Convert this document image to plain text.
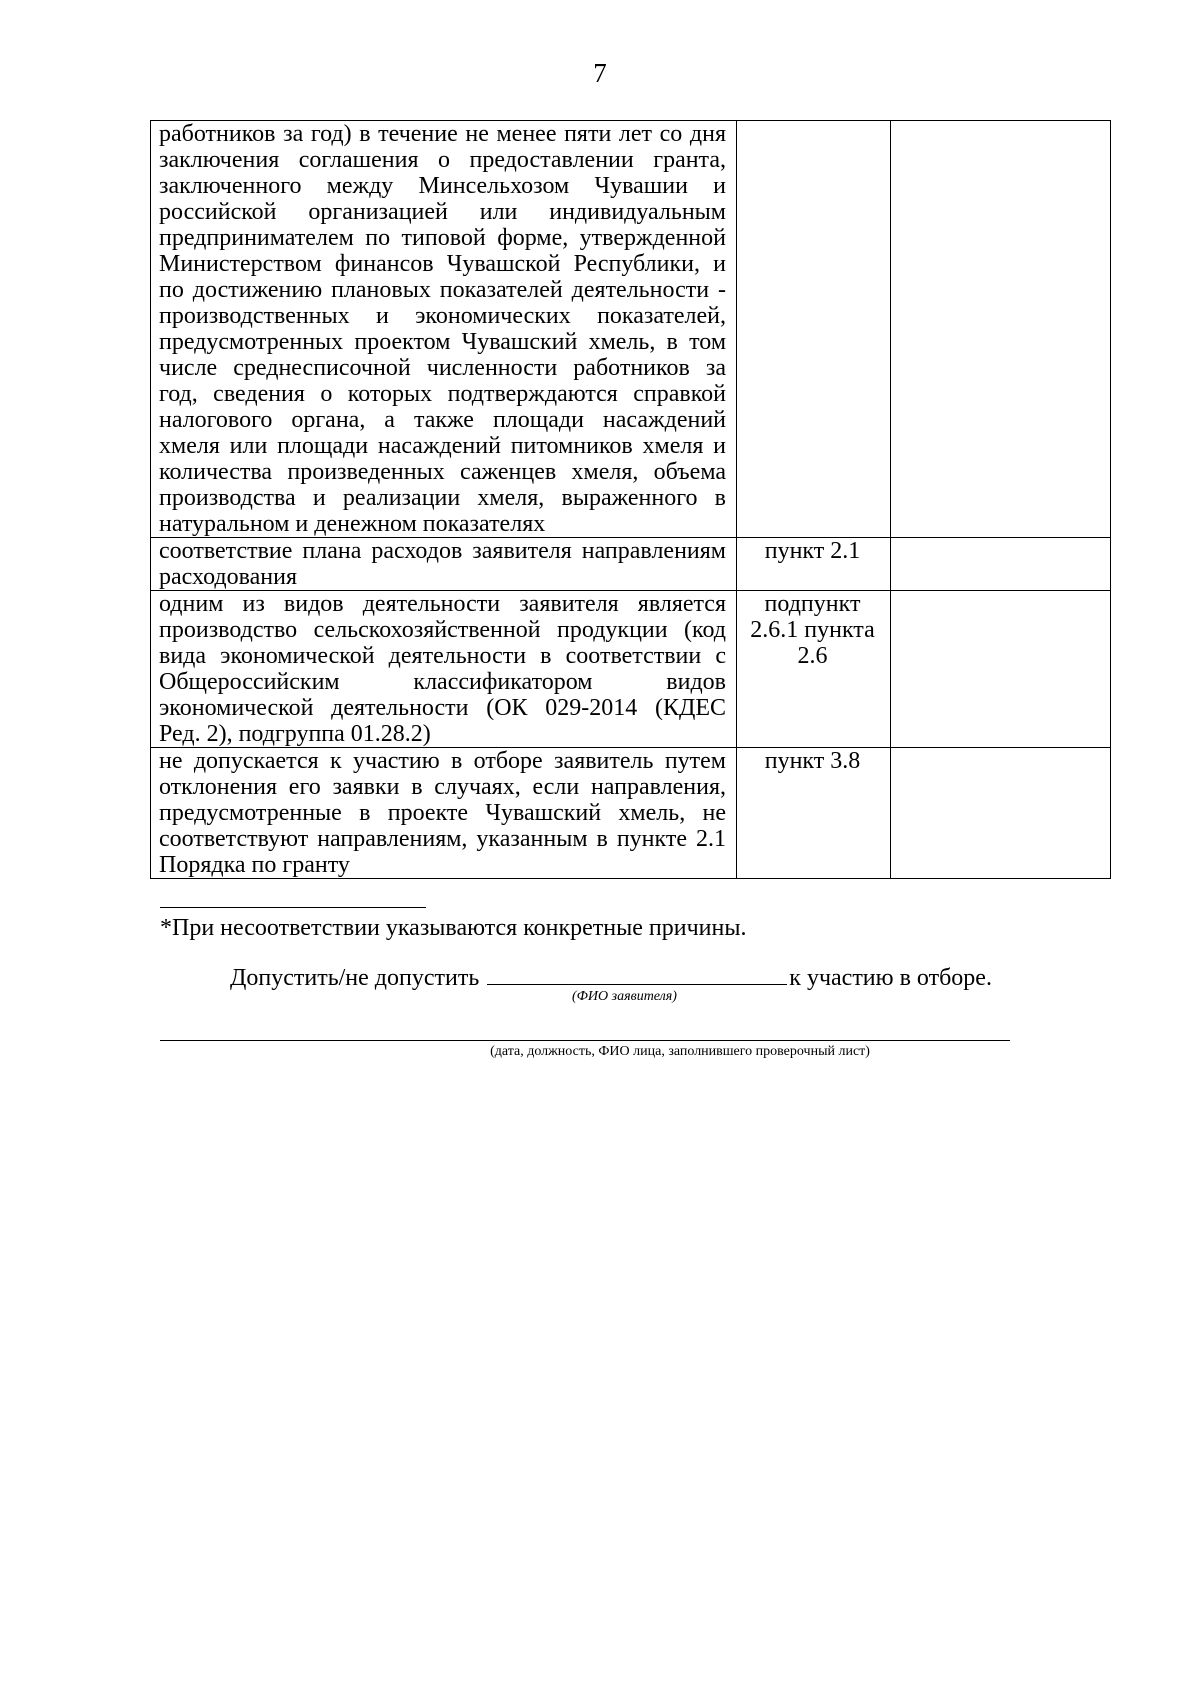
7
работников за год) в течение не менее пяти лет со дня заключения соглашения о предоставлении гранта, заключенного между Минсельхозом Чувашии и российской организацией или индивидуальным предпринимателем по типовой форме, утвержденной Министерством финансов Чувашской Республики, и по достижению плановых показателей деятельности - производственных и экономических показателей, предусмотренных проектом Чувашский хмель, в том числе среднесписочной численности работников за год, сведения о которых подтверждаются справкой налогового органа, а также площади насаждений хмеля или площади насаждений питомников хмеля и количества произведенных саженцев хмеля, объема производства и реализации хмеля, выраженного в натуральном и денежном показателях		
соответствие плана расходов заявителя направлениям расходования	пункт 2.1	
одним из видов деятельности заявителя является производство сельскохозяйственной продукции (код вида экономической деятельности в соответствии с Общероссийским классификатором видов экономической деятельности (ОК 029-2014 (КДЕС Ред. 2), подгруппа 01.28.2)	подпункт 2.6.1 пункта 2.6	
не допускается к участию в отборе заявитель путем отклонения его заявки в случаях, если направления, предусмотренные в проекте Чувашский хмель, не соответствуют направлениям, указанным в пункте 2.1 Порядка по гранту	пункт 3.8	
*При несоответствии указываются конкретные причины.
Допустить/не допустить	к участию в отборе.
(ФИО заявителя)
(дата, должность, ФИО лица, заполнившего проверочный лист)
